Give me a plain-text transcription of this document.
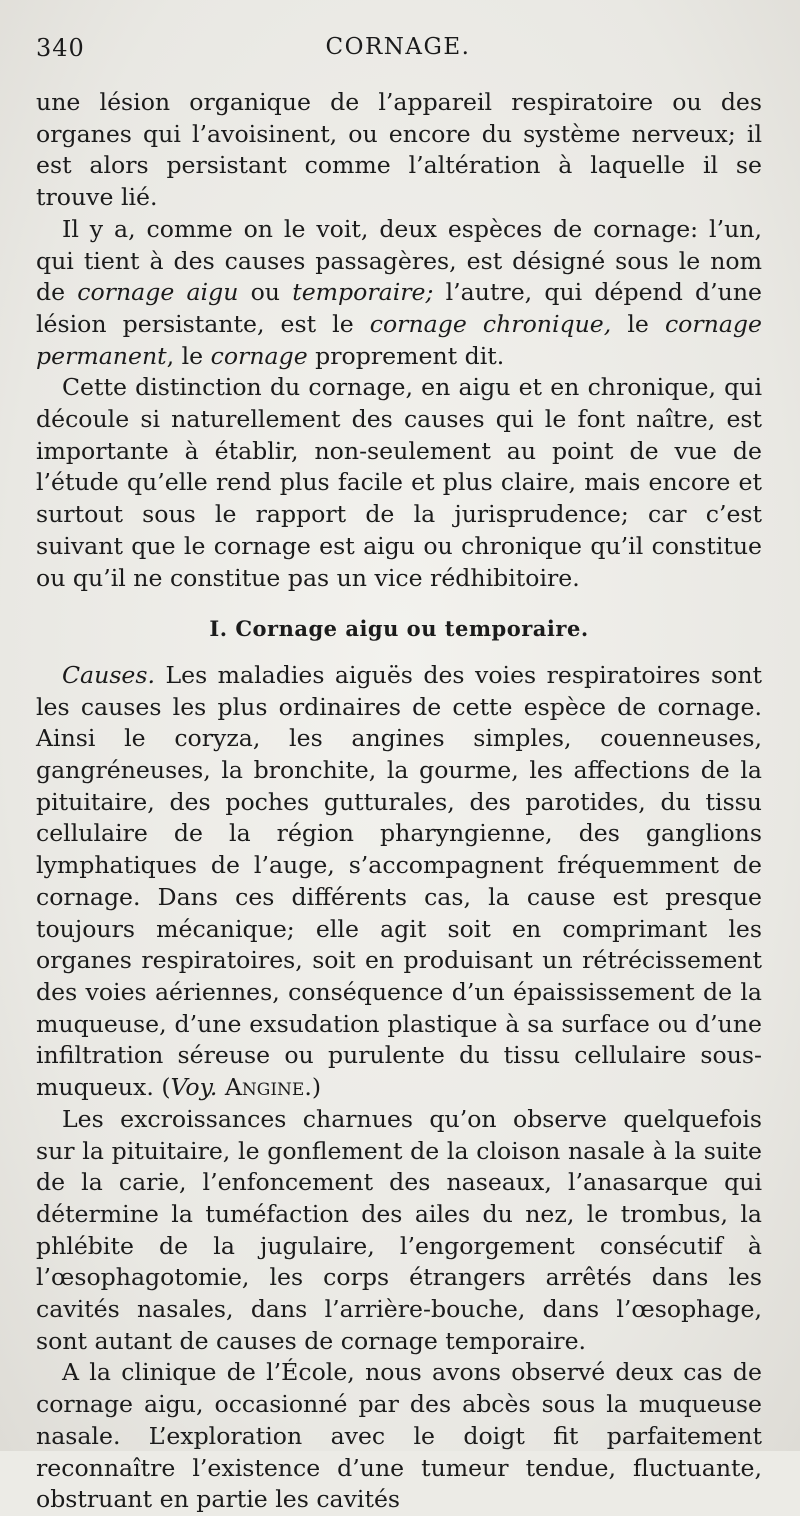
340	CORNAGE.

une lésion organique de l’appareil respiratoire ou des organes qui l’avoisinent, ou encore du système nerveux; il est alors persistant comme l’altération à laquelle il se trouve lié.

Il y a, comme on le voit, deux espèces de cornage: l’un, qui tient à des causes passagères, est désigné sous le nom de cornage aigu ou temporaire; l’autre, qui dépend d’une lésion persistante, est le cornage chronique, le cornage permanent, le cornage proprement dit.

Cette distinction du cornage, en aigu et en chronique, qui découle si naturellement des causes qui le font naître, est importante à établir, non-seulement au point de vue de l’étude qu’elle rend plus facile et plus claire, mais encore et surtout sous le rapport de la jurisprudence; car c’est suivant que le cornage est aigu ou chronique qu’il constitue ou qu’il ne constitue pas un vice rédhibitoire.

I. Cornage aigu ou temporaire.

Causes. Les maladies aiguës des voies respiratoires sont les causes les plus ordinaires de cette espèce de cornage. Ainsi le coryza, les angines simples, couenneuses, gangréneuses, la bronchite, la gourme, les affections de la pituitaire, des poches gutturales, des parotides, du tissu cellulaire de la région pharyngienne, des ganglions lymphatiques de l’auge, s’accompagnent fréquemment de cornage. Dans ces différents cas, la cause est presque toujours mécanique; elle agit soit en comprimant les organes respiratoires, soit en produisant un rétrécissement des voies aériennes, conséquence d’un épaississement de la muqueuse, d’une exsudation plastique à sa surface ou d’une infiltration séreuse ou purulente du tissu cellulaire sous-muqueux. (Voy. Angine.)

Les excroissances charnues qu’on observe quelquefois sur la pituitaire, le gonflement de la cloison nasale à la suite de la carie, l’enfoncement des naseaux, l’anasarque qui détermine la tuméfaction des ailes du nez, le trombus, la phlébite de la jugulaire, l’engorgement consécutif à l’œsophagotomie, les corps étrangers arrêtés dans les cavités nasales, dans l’arrière-bouche, dans l’œsophage, sont autant de causes de cornage temporaire.

A la clinique de l’École, nous avons observé deux cas de cornage aigu, occasionné par des abcès sous la muqueuse nasale. L’exploration avec le doigt fit parfaitement reconnaître l’existence d’une tumeur tendue, fluctuante, obstruant en partie les cavités
